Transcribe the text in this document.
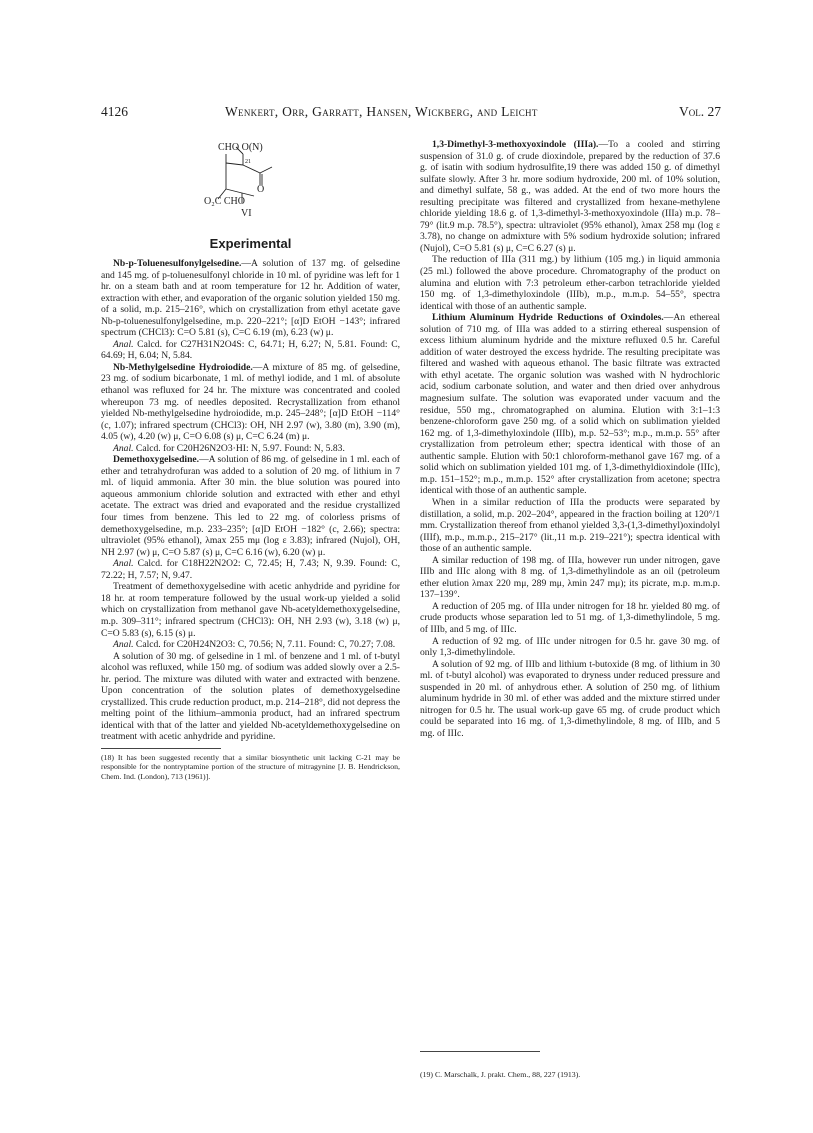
4126	Wenkert, Orr, Garratt, Hansen, Wickberg, and Leicht	Vol. 27
CHO O(N)
21
O
O₂C CHO
VI
Experimental

Nb-p-Toluenesulfonylgelsedine.—A solution of 137 mg. of gelsedine and 145 mg. of p-toluenesulfonyl chloride in 10 ml. of pyridine was left for 1 hr. on a steam bath and at room temperature for 12 hr. Addition of water, extraction with ether, and evaporation of the organic solution yielded 150 mg. of a solid, m.p. 215–216°, which on crystallization from ethyl acetate gave Nb-p-toluenesulfonylgelsedine, m.p. 220–221°; [α]D EtOH −143°; infrared spectrum (CHCl3): C=O 5.81 (s), C=C 6.19 (m), 6.23 (w) μ.

Anal. Calcd. for C27H31N2O4S: C, 64.71; H, 6.27; N, 5.81. Found: C, 64.69; H, 6.04; N, 5.84.

Nb-Methylgelsedine Hydroiodide.—A mixture of 85 mg. of gelsedine, 23 mg. of sodium bicarbonate, 1 ml. of methyl iodide, and 1 ml. of absolute ethanol was refluxed for 24 hr. The mixture was concentrated and cooled whereupon 73 mg. of needles deposited. Recrystallization from ethanol yielded Nb-methylgelsedine hydroiodide, m.p. 245–248°; [α]D EtOH −114° (c, 1.07); infrared spectrum (CHCl3): OH, NH 2.97 (w), 3.80 (m), 3.90 (m), 4.05 (w), 4.20 (w) μ, C=O 6.08 (s) μ, C=C 6.24 (m) μ.

Anal. Calcd. for C20H26N2O3·HI: N, 5.97. Found: N, 5.83.

Demethoxygelsedine.—A solution of 86 mg. of gelsedine in 1 ml. each of ether and tetrahydrofuran was added to a solution of 20 mg. of lithium in 7 ml. of liquid ammonia. After 30 min. the blue solution was poured into aqueous ammonium chloride solution and extracted with ether and ethyl acetate. The extract was dried and evaporated and the residue crystallized four times from benzene. This led to 22 mg. of colorless prisms of demethoxygelsedine, m.p. 233–235°; [α]D EtOH −182° (c, 2.66); spectra: ultraviolet (95% ethanol), λmax 255 mμ (log ε 3.83); infrared (Nujol), OH, NH 2.97 (w) μ, C=O 5.87 (s) μ, C=C 6.16 (w), 6.20 (w) μ.

Anal. Calcd. for C18H22N2O2: C, 72.45; H, 7.43; N, 9.39. Found: C, 72.22; H, 7.57; N, 9.47.

Treatment of demethoxygelsedine with acetic anhydride and pyridine for 18 hr. at room temperature followed by the usual work-up yielded a solid which on crystallization from methanol gave Nb-acetyldemethoxygelsedine, m.p. 309–311°; infrared spectrum (CHCl3): OH, NH 2.93 (w), 3.18 (w) μ, C=O 5.83 (s), 6.15 (s) μ.

Anal. Calcd. for C20H24N2O3: C, 70.56; N, 7.11. Found: C, 70.27; 7.08.

A solution of 30 mg. of gelsedine in 1 ml. of benzene and 1 ml. of t-butyl alcohol was refluxed, while 150 mg. of sodium was added slowly over a 2.5-hr. period. The mixture was diluted with water and extracted with benzene. Upon concentration of the solution plates of demethoxygelsedine crystallized. This crude reduction product, m.p. 214–218°, did not depress the melting point of the lithium–ammonia product, had an infrared spectrum identical with that of the latter and yielded Nb-acetyldemethoxygelsedine on treatment with acetic anhydride and pyridine.

(18) It has been suggested recently that a similar biosynthetic unit lacking C-21 may be responsible for the nontryptamine portion of the structure of mitragynine [J. B. Hendrickson, Chem. Ind. (London), 713 (1961)].

1,3-Dimethyl-3-methoxyoxindole (IIIa).—To a cooled and stirring suspension of 31.0 g. of crude dioxindole, prepared by the reduction of 37.6 g. of isatin with sodium hydrosulfite,19 there was added 150 g. of dimethyl sulfate slowly. After 3 hr. more sodium hydroxide, 200 ml. of 10% solution, and dimethyl sulfate, 58 g., was added. At the end of two more hours the resulting precipitate was filtered and crystallized from hexane-methylene chloride yielding 18.6 g. of 1,3-dimethyl-3-methoxyoxindole (IIIa) m.p. 78–79° (lit.9 m.p. 78.5°), spectra: ultraviolet (95% ethanol), λmax 258 mμ (log ε 3.78), no change on admixture with 5% sodium hydroxide solution; infrared (Nujol), C=O 5.81 (s) μ, C=C 6.27 (s) μ.

The reduction of IIIa (311 mg.) by lithium (105 mg.) in liquid ammonia (25 ml.) followed the above procedure. Chromatography of the product on alumina and elution with 7:3 petroleum ether-carbon tetrachloride yielded 150 mg. of 1,3-dimethyloxindole (IIIb), m.p., m.m.p. 54–55°, spectra identical with those of an authentic sample.

Lithium Aluminum Hydride Reductions of Oxindoles.—An ethereal solution of 710 mg. of IIIa was added to a stirring ethereal suspension of excess lithium aluminum hydride and the mixture refluxed 0.5 hr. Careful addition of water destroyed the excess hydride. The resulting precipitate was filtered and washed with aqueous ethanol. The basic filtrate was extracted with ethyl acetate. The organic solution was washed with N hydrochloric acid, sodium carbonate solution, and water and then dried over anhydrous magnesium sulfate. The solution was evaporated under vacuum and the residue, 550 mg., chromatographed on alumina. Elution with 3:1–1:3 benzene-chloroform gave 250 mg. of a solid which on sublimation yielded 162 mg. of 1,3-dimethyloxindole (IIIb), m.p. 52–53°; m.p., m.m.p. 55° after crystallization from petroleum ether; spectra identical with those of an authentic sample. Elution with 50:1 chloroform-methanol gave 167 mg. of a solid which on sublimation yielded 101 mg. of 1,3-dimethyldioxindole (IIIc), m.p. 151–152°; m.p., m.m.p. 152° after crystallization from acetone; spectra identical with those of an authentic sample.

When in a similar reduction of IIIa the products were separated by distillation, a solid, m.p. 202–204°, appeared in the fraction boiling at 120°/1 mm. Crystallization thereof from ethanol yielded 3,3-(1,3-dimethyl)oxindolyl (IIIf), m.p., m.m.p., 215–217° (lit.,11 m.p. 219–221°); spectra identical with those of an authentic sample.

A similar reduction of 198 mg. of IIIa, however run under nitrogen, gave IIIb and IIIc along with 8 mg. of 1,3-dimethylindole as an oil (petroleum ether elution λmax 220 mμ, 289 mμ, λmin 247 mμ); its picrate, m.p. m.m.p. 137–139°.

A reduction of 205 mg. of IIIa under nitrogen for 18 hr. yielded 80 mg. of crude products whose separation led to 51 mg. of 1,3-dimethylindole, 5 mg. of IIIb, and 5 mg. of IIIc.

A reduction of 92 mg. of IIIc under nitrogen for 0.5 hr. gave 30 mg. of only 1,3-dimethylindole.

A solution of 92 mg. of IIIb and lithium t-butoxide (8 mg. of lithium in 30 ml. of t-butyl alcohol) was evaporated to dryness under reduced pressure and suspended in 20 ml. of anhydrous ether. A solution of 250 mg. of lithium aluminum hydride in 30 ml. of ether was added and the mixture stirred under nitrogen for 0.5 hr. The usual work-up gave 65 mg. of crude product which could be separated into 16 mg. of 1,3-dimethylindole, 8 mg. of IIIb, and 5 mg. of IIIc.

(19) C. Marschalk, J. prakt. Chem., 88, 227 (1913).
